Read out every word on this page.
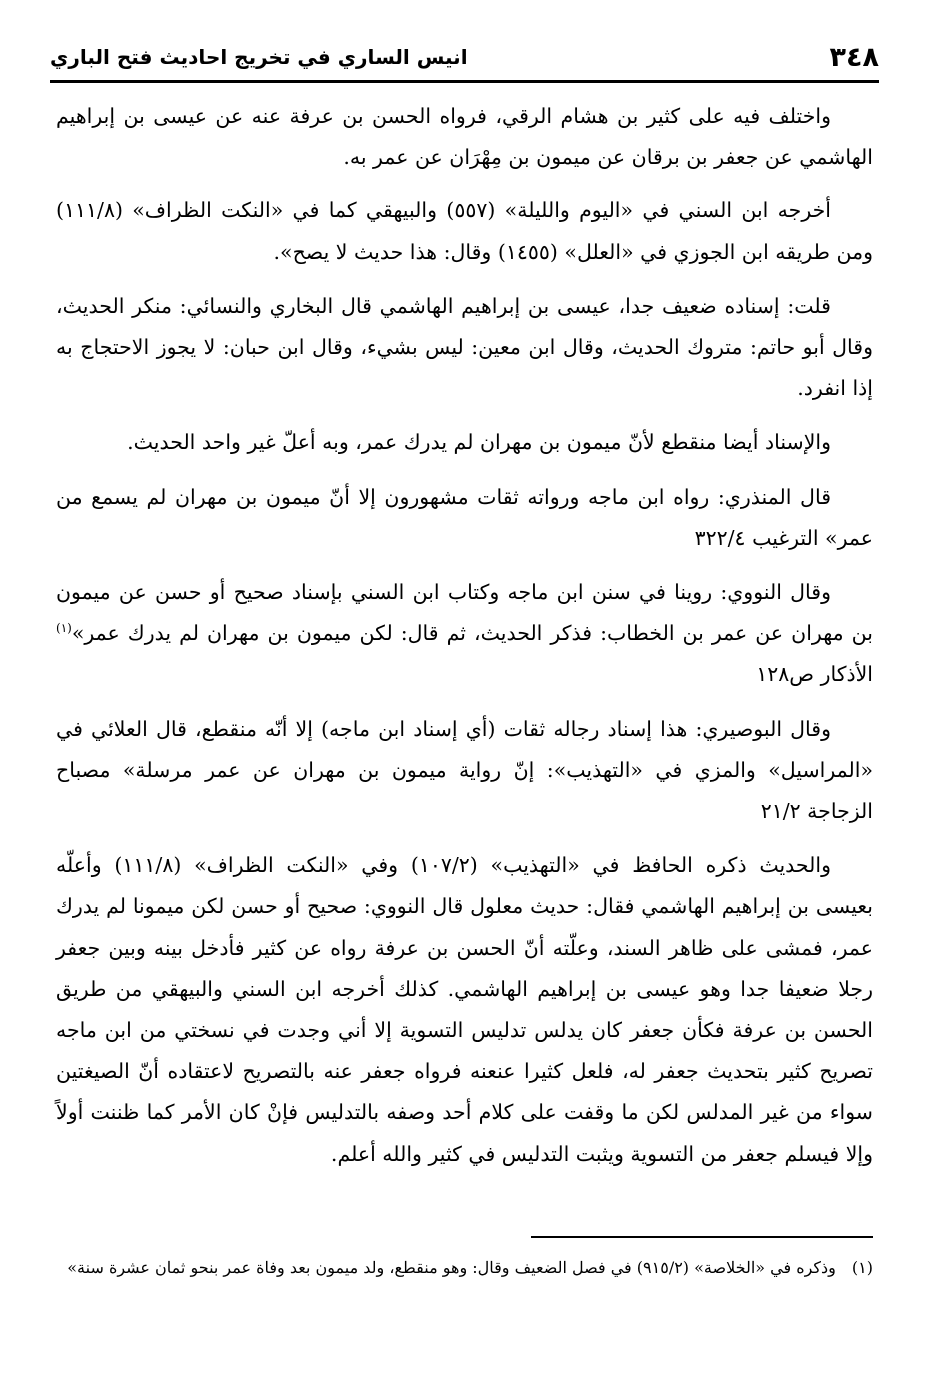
٣٤٨
انيس الساري في تخريج احاديث فتح الباري

واختلف فيه على كثير بن هشام الرقي، فرواه الحسن بن عرفة عنه عن عيسى بن إبراهيم الهاشمي عن جعفر بن برقان عن ميمون بن مِهْرَان عن عمر به.

أخرجه ابن السني في «اليوم والليلة» (٥٥٧) والبيهقي كما في «النكت الظراف» (١١١/٨) ومن طريقه ابن الجوزي في «العلل» (١٤٥٥) وقال: هذا حديث لا يصح».

قلت: إسناده ضعيف جدا، عيسى بن إبراهيم الهاشمي قال البخاري والنسائي: منكر الحديث، وقال أبو حاتم: متروك الحديث، وقال ابن معين: ليس بشيء، وقال ابن حبان: لا يجوز الاحتجاج به إذا انفرد.

والإسناد أيضا منقطع لأنّ ميمون بن مهران لم يدرك عمر، وبه أعلّ غير واحد الحديث.

قال المنذري: رواه ابن ماجه ورواته ثقات مشهورون إلا أنّ ميمون بن مهران لم يسمع من عمر» الترغيب ٣٢٢/٤

وقال النووي: روينا في سنن ابن ماجه وكتاب ابن السني بإسناد صحيح أو حسن عن ميمون بن مهران عن عمر بن الخطاب: فذكر الحديث، ثم قال: لكن ميمون بن مهران لم يدرك عمر»$^{(١)}$ الأذكار ص١٢٨

وقال البوصيري: هذا إسناد رجاله ثقات (أي إسناد ابن ماجه) إلا أنّه منقطع، قال العلائي في «المراسيل» والمزي في «التهذيب»: إنّ رواية ميمون بن مهران عن عمر مرسلة» مصباح الزجاجة ٢١/٢

والحديث ذكره الحافظ في «التهذيب» (١٠٧/٢) وفي «النكت الظراف» (١١١/٨) وأعلّه بعيسى بن إبراهيم الهاشمي فقال: حديث معلول قال النووي: صحيح أو حسن لكن ميمونا لم يدرك عمر، فمشى على ظاهر السند، وعلّته أنّ الحسن بن عرفة رواه عن كثير فأدخل بينه وبين جعفر رجلا ضعيفا جدا وهو عيسى بن إبراهيم الهاشمي. كذلك أخرجه ابن السني والبيهقي من طريق الحسن بن عرفة فكأن جعفر كان يدلس تدليس التسوية إلا أني وجدت في نسختي من ابن ماجه تصريح كثير بتحديث جعفر له، فلعل كثيرا عنعنه فرواه جعفر عنه بالتصريح لاعتقاده أنّ الصيغتين سواء من غير المدلس لكن ما وقفت على كلام أحد وصفه بالتدليس فإنْ كان الأمر كما ظننت أولاً وإلا فيسلم جعفر من التسوية ويثبت التدليس في كثير والله أعلم.

(١)وذكره في «الخلاصة» (٩١٥/٢) في فصل الضعيف وقال: وهو منقطع، ولد ميمون بعد وفاة عمر بنحو ثمان عشرة سنة»
